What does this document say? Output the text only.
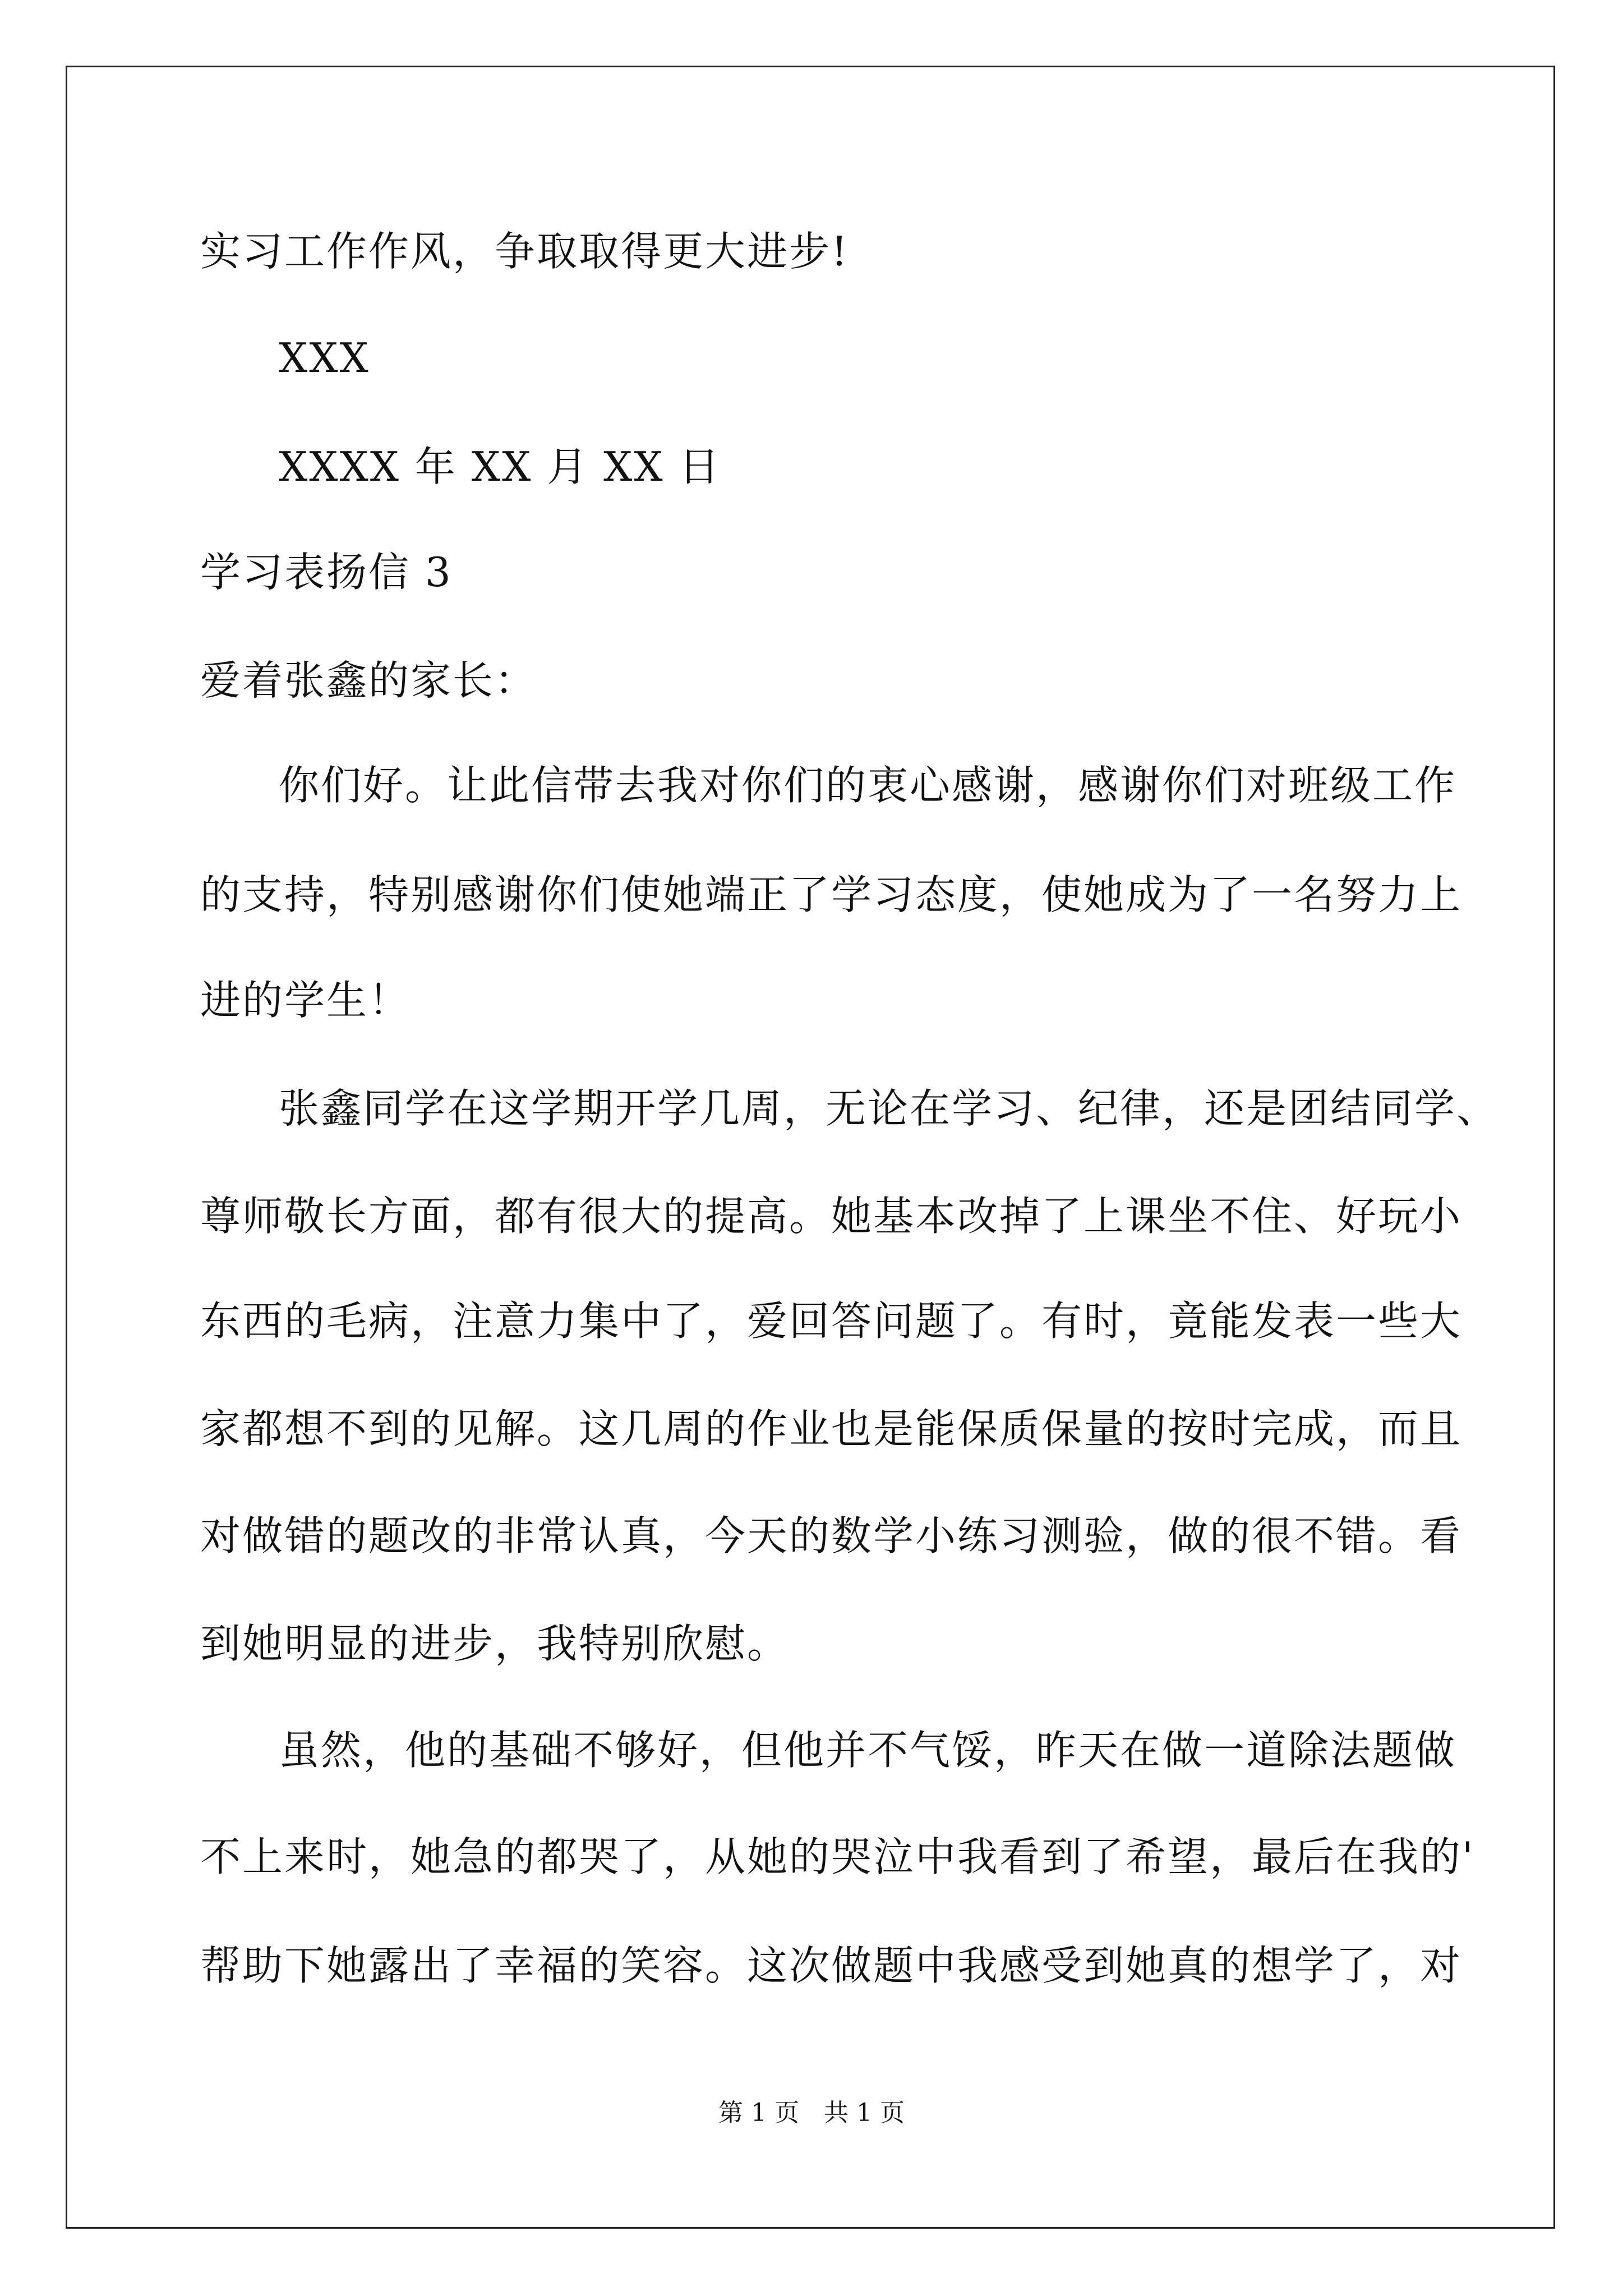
实习工作作风，争取取得更大进步!
XXX
XXXX 年 XX 月 XX 日
学习表扬信 3
爱着张鑫的家长：
你们好。让此信带去我对你们的衷心感谢，感谢你们对班级工作
的支持，特别感谢你们使她端正了学习态度，使她成为了一名努力上
进的学生！
张鑫同学在这学期开学几周，无论在学习、纪律，还是团结同学、
尊师敬长方面，都有很大的提高。她基本改掉了上课坐不住、好玩小
东西的毛病，注意力集中了，爱回答问题了。有时，竟能发表一些大
家都想不到的见解。这几周的作业也是能保质保量的按时完成，而且
对做错的题改的非常认真，今天的数学小练习测验，做的很不错。看
到她明显的进步，我特别欣慰。
虽然，他的基础不够好，但他并不气馁，昨天在做一道除法题做
不上来时，她急的都哭了，从她的哭泣中我看到了希望，最后在我的'
帮助下她露出了幸福的笑容。这次做题中我感受到她真的想学了，对
第 1 页　共 1 页
